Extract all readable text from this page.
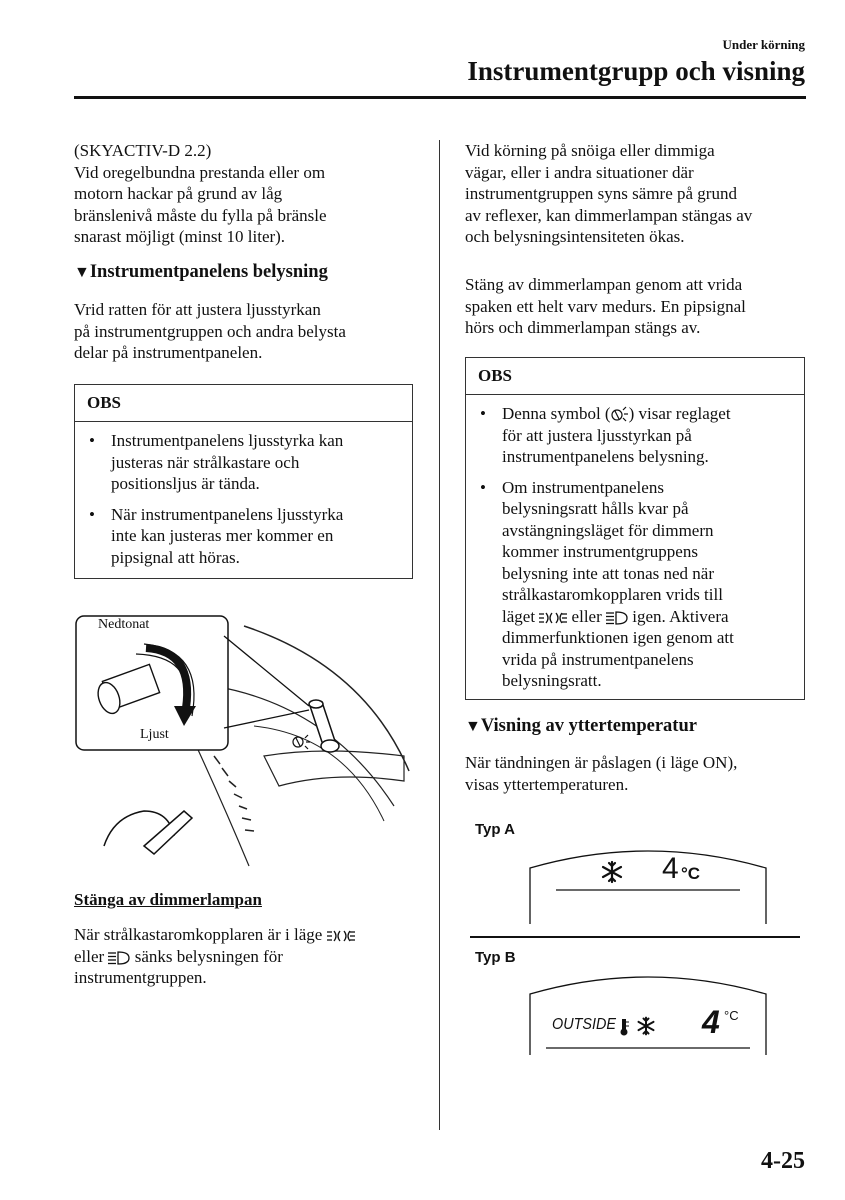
Under körning
Instrumentgrupp och visning

(SKYACTIV-D 2.2)

Vid oregelbundna prestanda eller om

motorn hackar på grund av låg

bränslenivå måste du fylla på bränsle

snarast möjligt (minst 10 liter).

▼Instrumentpanelens belysning

Vrid ratten för att justera ljusstyrkan

på instrumentgruppen och andra belysta

delar på instrumentpanelen.

OBS
• Instrumentpanelens ljusstyrka kan
justeras när strålkastare och
positionsljus är tända.
• När instrumentpanelens ljusstyrka
inte kan justeras mer kommer en
pipsignal att höras.
Nedtonat
Ljust
Stänga av dimmerlampan

När strålkastaromkopplaren är i läge

eller sänks belysningen för

instrumentgruppen.

Vid körning på snöiga eller dimmiga

vägar, eller i andra situationer där

instrumentgruppen syns sämre på grund

av reflexer, kan dimmerlampan stängas av

och belysningsintensiteten ökas.

Stäng av dimmerlampan genom att vrida

spaken ett helt varv medurs. En pipsignal

hörs och dimmerlampan stängs av.

OBS
• Denna symbol ( ) visar reglaget
för att justera ljusstyrkan på
instrumentpanelens belysning.
• Om instrumentpanelens
belysningsratt hålls kvar på
avstängningsläget för dimmern
kommer instrumentgruppens
belysning inte att tonas ned när
strålkastaromkopplaren vrids till
läget eller igen. Aktivera
dimmerfunktionen igen genom att
vrida på instrumentpanelens
belysningsratt.
▼Visning av yttertemperatur

När tändningen är påslagen (i läge ON),

visas yttertemperaturen.

Typ A
4 °C
Typ B
OUTSIDE	4 °C
4-25
